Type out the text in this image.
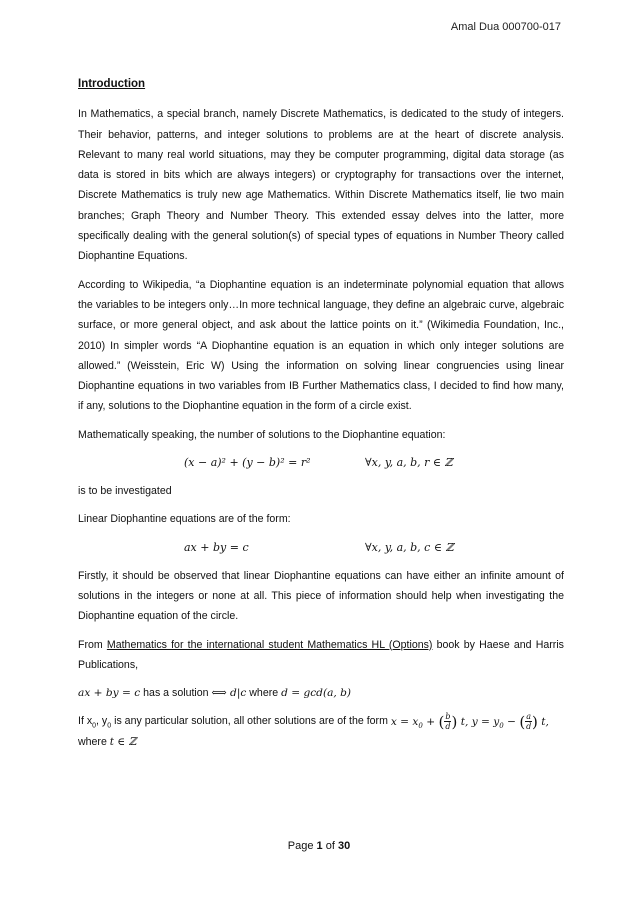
Amal Dua 000700-017
Introduction

In Mathematics, a special branch, namely Discrete Mathematics, is dedicated to the study of integers. Their behavior, patterns, and integer solutions to problems are at the heart of discrete analysis. Relevant to many real world situations, may they be computer programming, digital data storage (as data is stored in bits which are always integers) or cryptography for transactions over the internet, Discrete Mathematics is truly new age Mathematics. Within Discrete Mathematics itself, lie two main branches; Graph Theory and Number Theory. This extended essay delves into the latter, more specifically dealing with the general solution(s) of special types of equations in Number Theory called Diophantine Equations.

According to Wikipedia, “a Diophantine equation is an indeterminate polynomial equation that allows the variables to be integers only…In more technical language, they define an algebraic curve, algebraic surface, or more general object, and ask about the lattice points on it.” (Wikimedia Foundation, Inc., 2010) In simpler words “A Diophantine equation is an equation in which only integer solutions are allowed.” (Weisstein, Eric W) Using the information on solving linear congruencies using linear Diophantine equations in two variables from IB Further Mathematics class, I decided to find how many, if any, solutions to the Diophantine equation in the form of a circle exist.

Mathematically speaking, the number of solutions to the Diophantine equation:

(x − a)² + (y − b)² = r²	∀x, y, a, b, r ∈ ℤ

is to be investigated

Linear Diophantine equations are of the form:

ax + by = c	∀x, y, a, b, c ∈ ℤ

Firstly, it should be observed that linear Diophantine equations can have either an infinite amount of solutions in the integers or none at all. This piece of information should help when investigating the Diophantine equation of the circle.

From Mathematics for the international student Mathematics HL (Options) book by Haese and Harris Publications,

ax + by = c has a solution ⟺ d|c where d = gcd(a, b)

If $x_0$, $y_0$ is any particular solution, all other solutions are of the form $x = x_0$ + ( $\frac{b}{d}$ ) t, $y = y_0$ − ( $\frac{a}{d}$ ) t,

where t ∈ ℤ

Page 1 of 30
